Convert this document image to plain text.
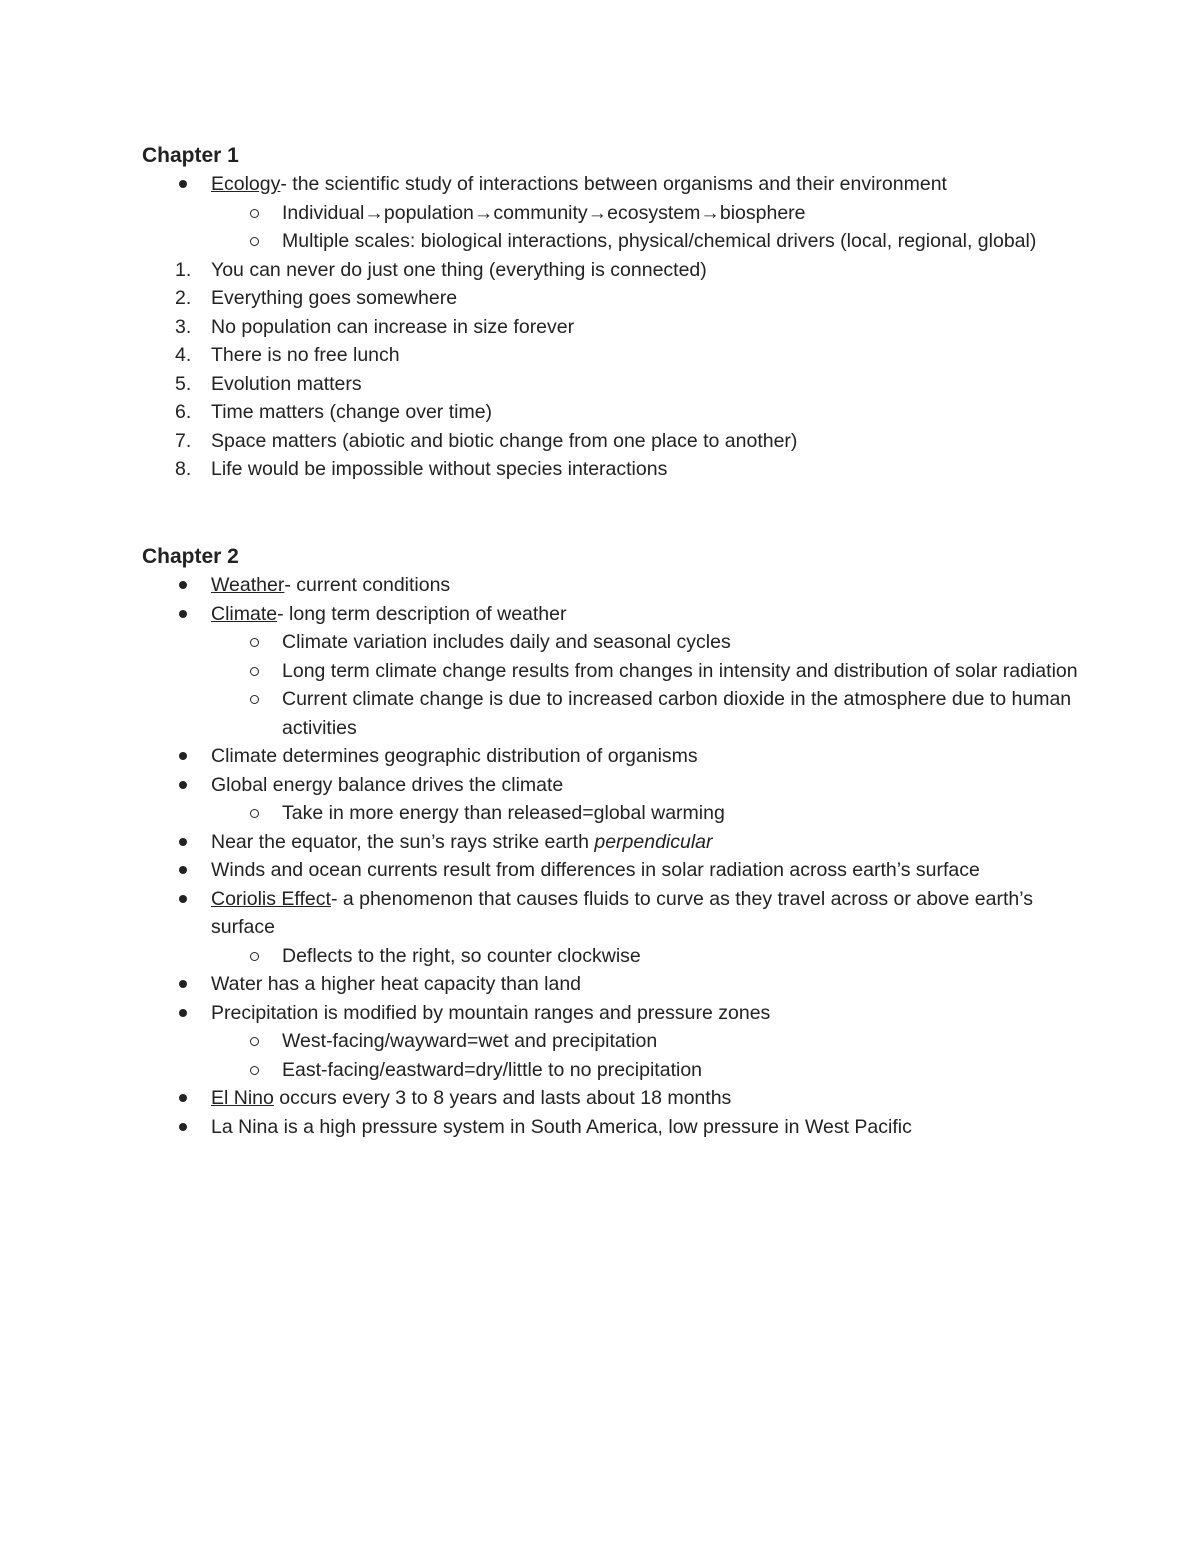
Chapter 1
Ecology- the scientific study of interactions between organisms and their environment
Individual→population→community→ecosystem→biosphere
Multiple scales: biological interactions, physical/chemical drivers (local, regional, global)
1.	You can never do just one thing (everything is connected)
2.	Everything goes somewhere
3.	No population can increase in size forever
4.	There is no free lunch
5.	Evolution matters
6.	Time matters (change over time)
7.	Space matters (abiotic and biotic change from one place to another)
8.	Life would be impossible without species interactions
Chapter 2
Weather- current conditions
Climate- long term description of weather
Climate variation includes daily and seasonal cycles
Long term climate change results from changes in intensity and distribution of solar radiation
Current climate change is due to increased carbon dioxide in the atmosphere due to human activities
Climate determines geographic distribution of organisms
Global energy balance drives the climate
Take in more energy than released=global warming
Near the equator, the sun’s rays strike earth perpendicular
Winds and ocean currents result from differences in solar radiation across earth’s surface
Coriolis Effect- a phenomenon that causes fluids to curve as they travel across or above earth’s surface
Deflects to the right, so counter clockwise
Water has a higher heat capacity than land
Precipitation is modified by mountain ranges and pressure zones
West-facing/wayward=wet and precipitation
East-facing/eastward=dry/little to no precipitation
El Nino occurs every 3 to 8 years and lasts about 18 months
La Nina is a high pressure system in South America, low pressure in West Pacific
